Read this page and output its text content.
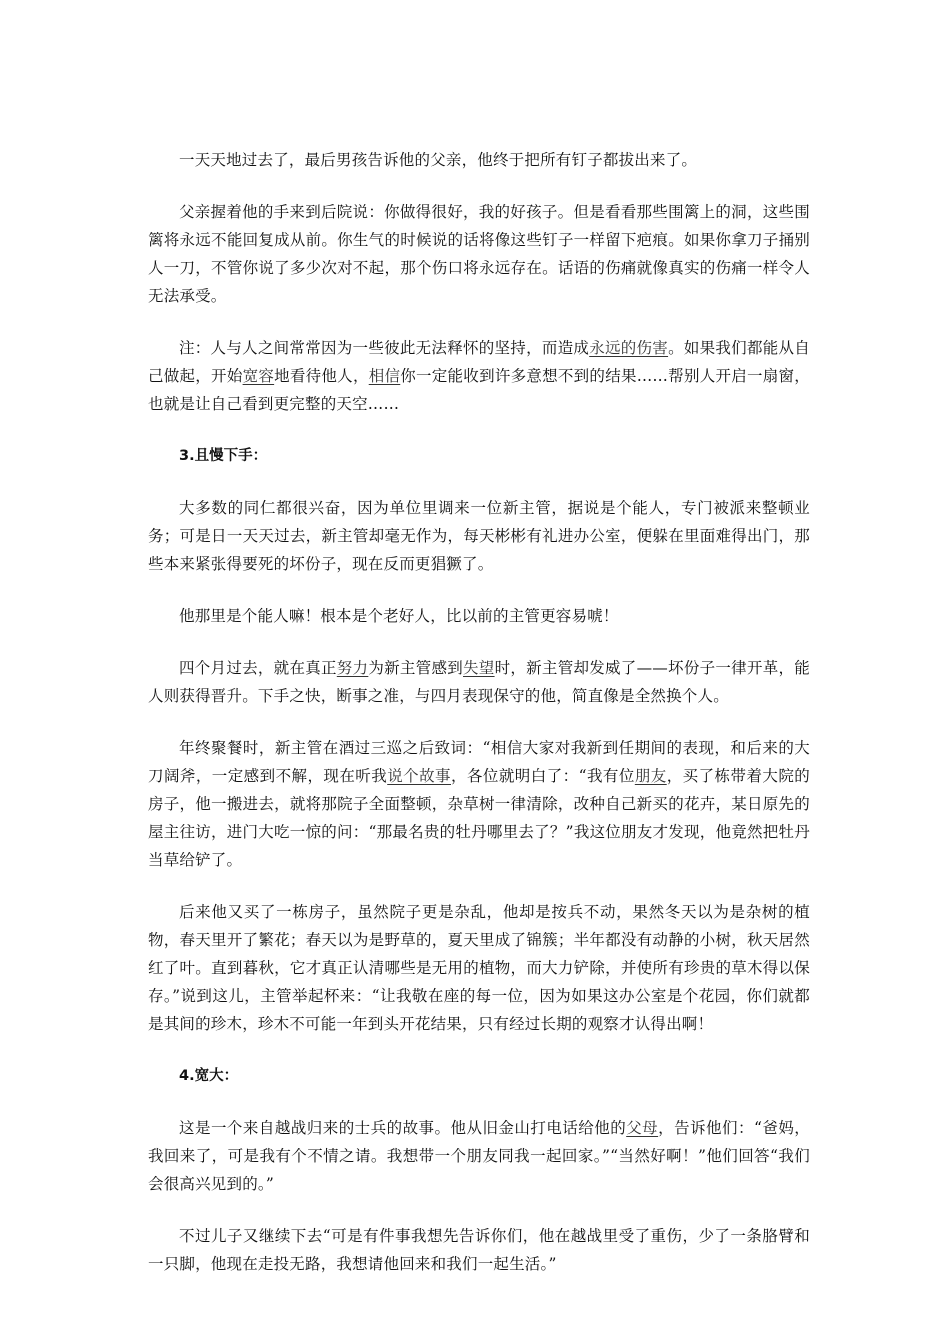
一天天地过去了，最后男孩告诉他的父亲，他终于把所有钉子都拔出来了。

父亲握着他的手来到后院说：你做得很好，我的好孩子。但是看看那些围篱上的洞，这些围篱将永远不能回复成从前。你生气的时候说的话将像这些钉子一样留下疤痕。如果你拿刀子捅别人一刀，不管你说了多少次对不起，那个伤口将永远存在。话语的伤痛就像真实的伤痛一样令人无法承受。

注：人与人之间常常因为一些彼此无法释怀的坚持，而造成永远的伤害。如果我们都能从自己做起，开始宽容地看待他人，相信你一定能收到许多意想不到的结果……帮别人开启一扇窗，也就是让自己看到更完整的天空……

3.且慢下手：

大多数的同仁都很兴奋，因为单位里调来一位新主管，据说是个能人，专门被派来整顿业务；可是日一天天过去，新主管却毫无作为，每天彬彬有礼进办公室，便躲在里面难得出门，那些本来紧张得要死的坏份子，现在反而更猖獗了。

他那里是个能人嘛！根本是个老好人，比以前的主管更容易唬！

四个月过去，就在真正努力为新主管感到失望时，新主管却发威了——坏份子一律开革，能人则获得晋升。下手之快，断事之准，与四月表现保守的他，简直像是全然换个人。

年终聚餐时，新主管在酒过三巡之后致词：“相信大家对我新到任期间的表现，和后来的大刀阔斧，一定感到不解，现在听我说个故事，各位就明白了：“我有位朋友，买了栋带着大院的房子，他一搬进去，就将那院子全面整顿，杂草树一律清除，改种自己新买的花卉，某日原先的屋主往访，进门大吃一惊的问：“那最名贵的牡丹哪里去了？”我这位朋友才发现，他竟然把牡丹当草给铲了。

后来他又买了一栋房子，虽然院子更是杂乱，他却是按兵不动，果然冬天以为是杂树的植物，春天里开了繁花；春天以为是野草的，夏天里成了锦簇；半年都没有动静的小树，秋天居然红了叶。直到暮秋，它才真正认清哪些是无用的植物，而大力铲除，并使所有珍贵的草木得以保存。”说到这儿，主管举起杯来：“让我敬在座的每一位，因为如果这办公室是个花园，你们就都是其间的珍木，珍木不可能一年到头开花结果，只有经过长期的观察才认得出啊！

4.宽大：

这是一个来自越战归来的士兵的故事。他从旧金山打电话给他的父母，告诉他们：“爸妈，我回来了，可是我有个不情之请。我想带一个朋友同我一起回家。”“当然好啊！”他们回答“我们会很高兴见到的。”

不过儿子又继续下去“可是有件事我想先告诉你们，他在越战里受了重伤，少了一条胳臂和一只脚，他现在走投无路，我想请他回来和我们一起生活。”
